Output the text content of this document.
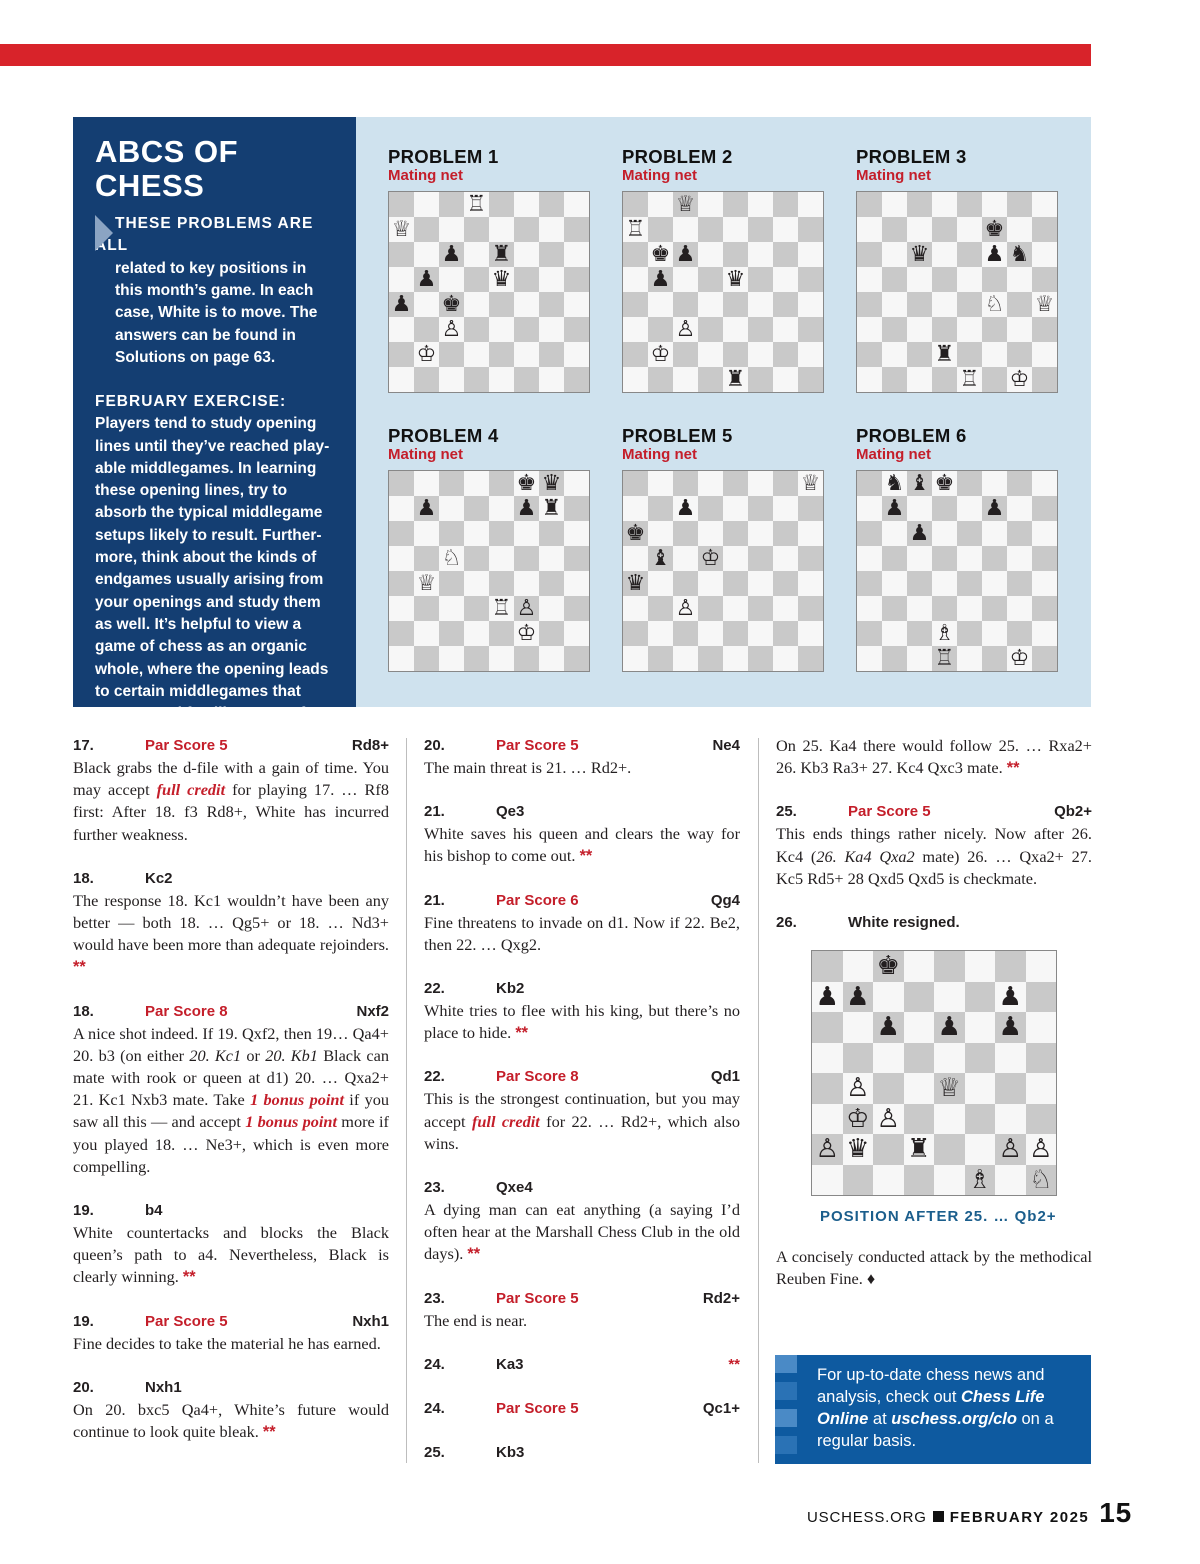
ABCS OF CHESS
THESE PROBLEMS ARE ALL
related to key positions in this month’s game. In each case, White is to move. The answers can be found in Solutions on page 63.
FEBRUARY EXERCISE:
Players tend to study opening lines until they’ve reached playable middlegames. In learning these opening lines, try to absorb the typical middlegame setups likely to result. Furthermore, think about the kinds of endgames usually arising from your openings and study them as well. It’s helpful to view a game of chess as an organic whole, where the opening leads to certain middlegames that veer toward familiar types of endgames.
PROBLEM 1
Mating net
♖
♕
♟ ♜
♟	♛
♟ ♚
♙
♔
PROBLEM 2
Mating net
♕
♖
♚ ♟
♟	♛
♙
♔
♜
PROBLEM 3
Mating net
♚
♛	♟ ♞
♘ ♕
♜
♖ ♔
PROBLEM 4
Mating net
♚ ♛
♟	♟ ♜
♘
♕
♖ ♙
♔
PROBLEM 5
Mating net
♕
♟
♚
♝ ♔
♛
♙
PROBLEM 6
Mating net
♞ ♝ ♚
♟	♟
♟
♗
♖	♔
17.	Par Score 5	Rd8+
Black grabs the d-file with a gain of time. You may accept full credit for playing 17. … Rf8 first: After 18. f3 Rd8+, White has incurred further weakness.
18.	Kc2
The response 18. Kc1 wouldn’t have been any better — both 18. … Qg5+ or 18. … Nd3+ would have been more than adequate rejoinders. **
18.	Par Score 8	Nxf2
A nice shot indeed. If 19. Qxf2, then 19… Qa4+ 20. b3 (on either 20. Kc1 or 20. Kb1 Black can mate with rook or queen at d1) 20. … Qxa2+ 21. Kc1 Nxb3 mate. Take 1 bonus point if you saw all this — and accept 1 bonus point more if you played 18. … Ne3+, which is even more compelling.
19.	b4
White countertacks and blocks the Black queen’s path to a4. Nevertheless, Black is clearly winning. **
19.	Par Score 5	Nxh1
Fine decides to take the material he has earned.
20.	Nxh1
On 20. bxc5 Qa4+, White’s future would continue to look quite bleak. **
20.	Par Score 5	Ne4
The main threat is 21. … Rd2+.
21.	Qe3
White saves his queen and clears the way for his bishop to come out. **
21.	Par Score 6	Qg4
Fine threatens to invade on d1. Now if 22. Be2, then 22. … Qxg2.
22.	Kb2
White tries to flee with his king, but there’s no place to hide. **
22.	Par Score 8	Qd1
This is the strongest continuation, but you may accept full credit for 22. … Rd2+, which also wins.
23.	Qxe4
A dying man can eat anything (a saying I’d often hear at the Marshall Chess Club in the old days). **
23.	Par Score 5	Rd2+
The end is near.
24.	Ka3	**
24.	Par Score 5	Qc1+
25.	Kb3
On 25. Ka4 there would follow 25. … Rxa2+ 26. Kb3 Ra3+ 27. Kc4 Qxc3 mate. **
25.	Par Score 5	Qb2+
This ends things rather nicely. Now after 26. Kc4 (26. Ka4 Qxa2 mate) 26. … Qxa2+ 27. Kc5 Rd5+ 28 Qxd5 Qxd5 is checkmate.
26.	White resigned.
♚
♟ ♟	♟
♟ ♟ ♟
♙	♕
♔ ♙
♙ ♛ ♜	♙ ♙
♗ ♘
POSITION AFTER 25. … Qb2+
A concisely conducted attack by the methodical Reuben Fine. ♦
For up-to-date chess news and analysis, check out Chess Life Online at uschess.org/clo on a regular basis.
USCHESS.ORG FEBRUARY 2025 15
